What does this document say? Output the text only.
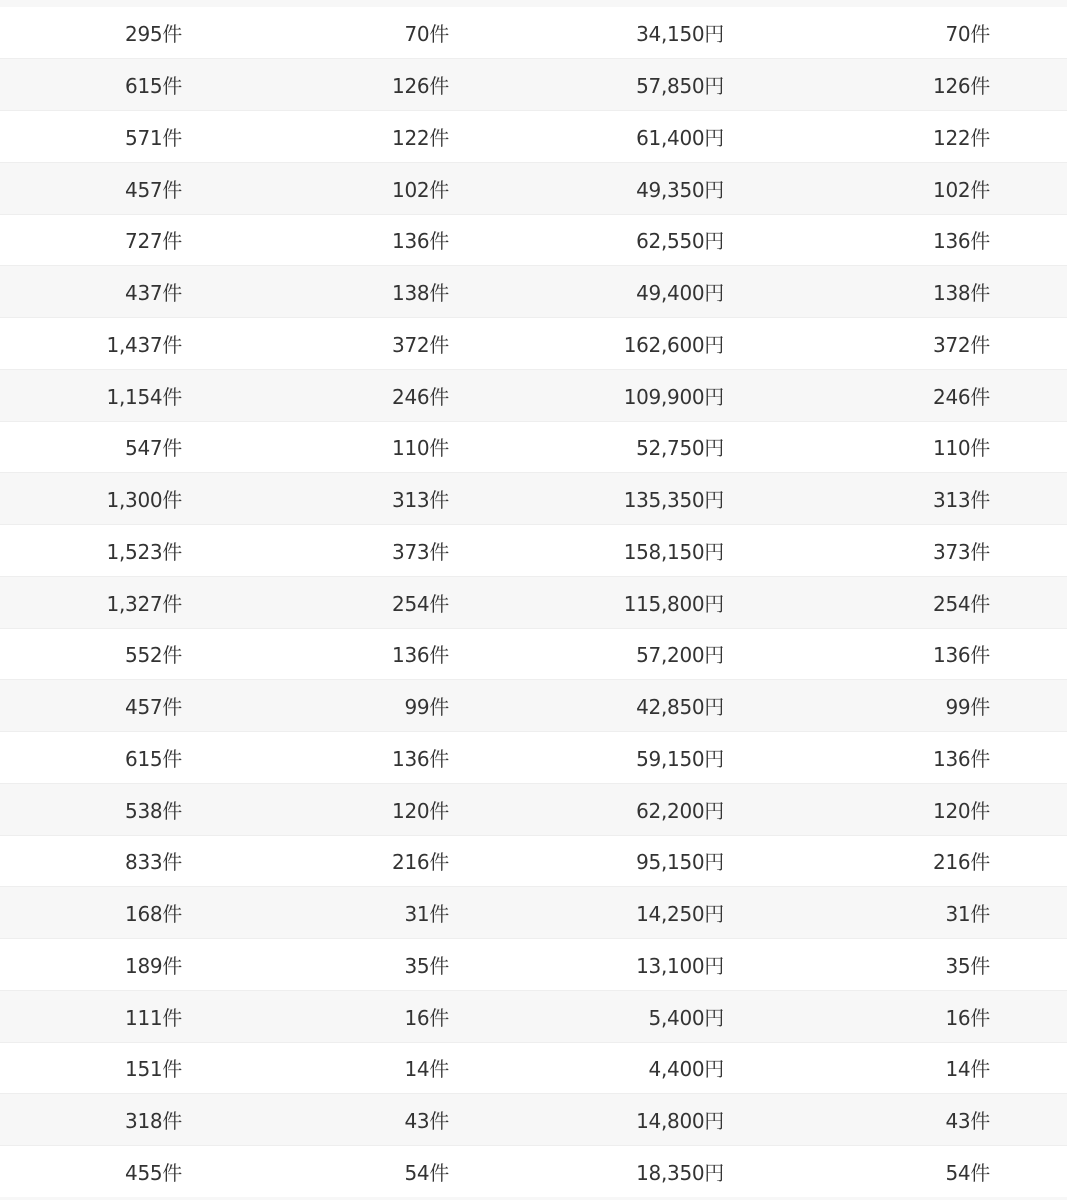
295件	70件	34,150円	70件	
615件	126件	57,850円	126件	
571件	122件	61,400円	122件	
457件	102件	49,350円	102件	
727件	136件	62,550円	136件	
437件	138件	49,400円	138件	
1,437件	372件	162,600円	372件	
1,154件	246件	109,900円	246件	
547件	110件	52,750円	110件	
1,300件	313件	135,350円	313件	
1,523件	373件	158,150円	373件	
1,327件	254件	115,800円	254件	
552件	136件	57,200円	136件	
457件	99件	42,850円	99件	
615件	136件	59,150円	136件	
538件	120件	62,200円	120件	
833件	216件	95,150円	216件	
168件	31件	14,250円	31件	
189件	35件	13,100円	35件	
111件	16件	5,400円	16件	
151件	14件	4,400円	14件	
318件	43件	14,800円	43件	
455件	54件	18,350円	54件	
